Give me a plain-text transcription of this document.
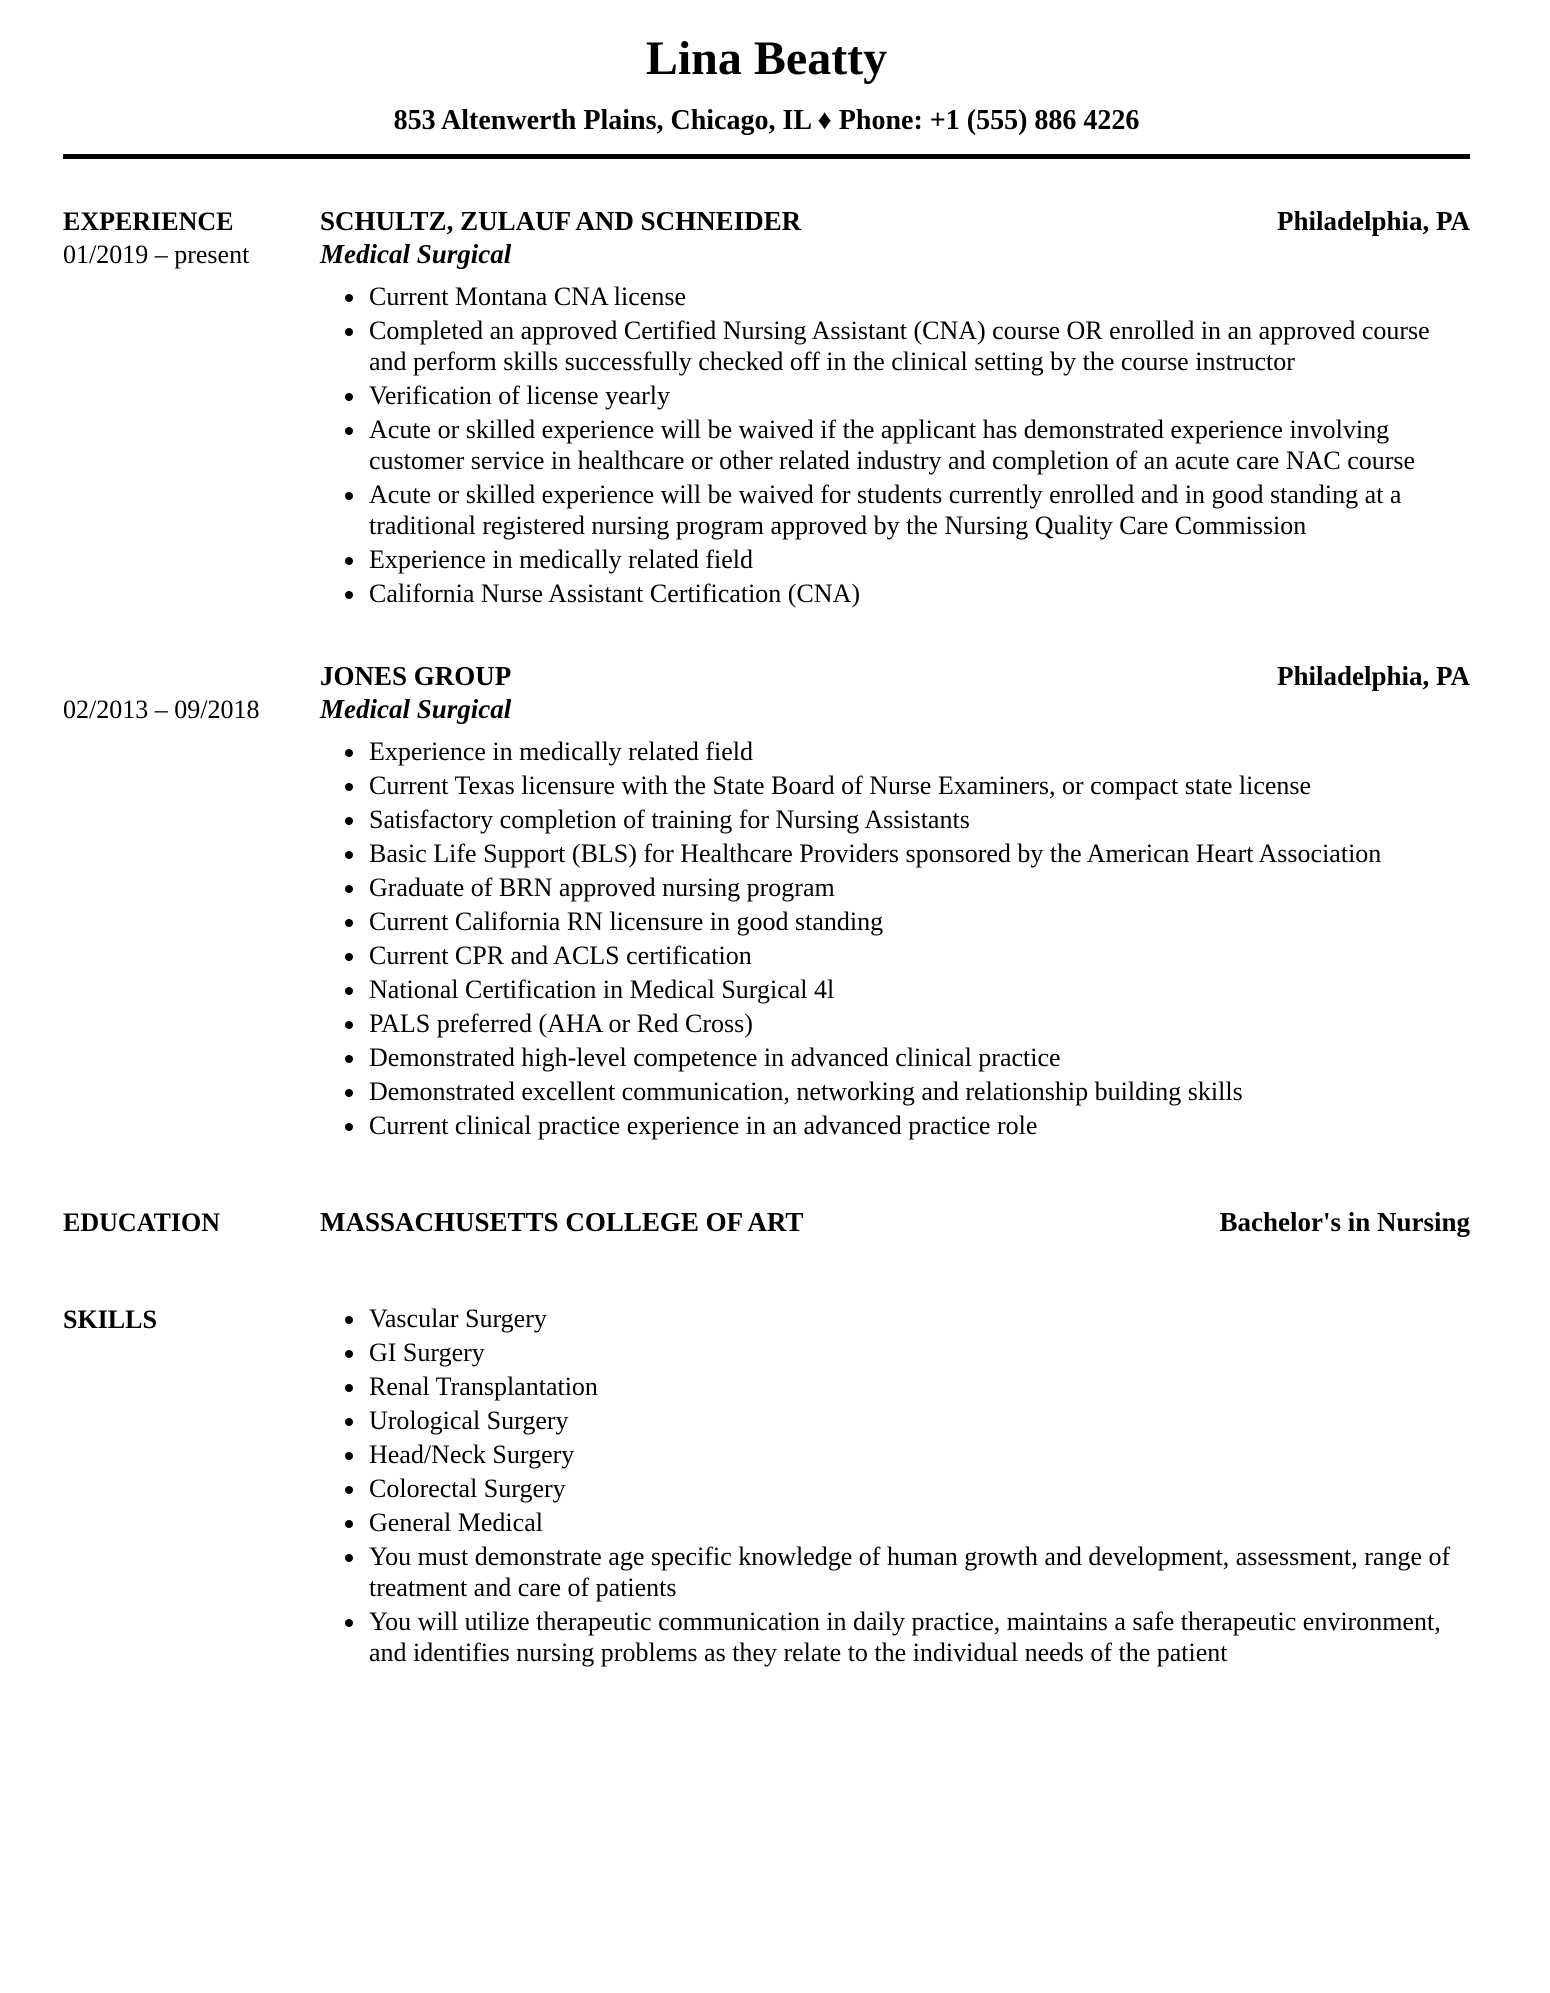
Lina Beatty
853 Altenwerth Plains, Chicago, IL ♦ Phone: +1 (555) 886 4226
EXPERIENCE
01/2019 – present
SCHULTZ, ZULAUF AND SCHNEIDER	Philadelphia, PA
Medical Surgical
• Current Montana CNA license
• Completed an approved Certified Nursing Assistant (CNA) course OR enrolled in an approved course and perform skills successfully checked off in the clinical setting by the course instructor
• Verification of license yearly
• Acute or skilled experience will be waived if the applicant has demonstrated experience involving customer service in healthcare or other related industry and completion of an acute care NAC course
• Acute or skilled experience will be waived for students currently enrolled and in good standing at a traditional registered nursing program approved by the Nursing Quality Care Commission
• Experience in medically related field
• California Nurse Assistant Certification (CNA)
02/2013 – 09/2018
JONES GROUP	Philadelphia, PA
Medical Surgical
• Experience in medically related field
• Current Texas licensure with the State Board of Nurse Examiners, or compact state license
• Satisfactory completion of training for Nursing Assistants
• Basic Life Support (BLS) for Healthcare Providers sponsored by the American Heart Association
• Graduate of BRN approved nursing program
• Current California RN licensure in good standing
• Current CPR and ACLS certification
• National Certification in Medical Surgical 4l
• PALS preferred (AHA or Red Cross)
• Demonstrated high-level competence in advanced clinical practice
• Demonstrated excellent communication, networking and relationship building skills
• Current clinical practice experience in an advanced practice role
EDUCATION	MASSACHUSETTS COLLEGE OF ART	Bachelor's in Nursing
SKILLS	• Vascular Surgery
• GI Surgery
• Renal Transplantation
• Urological Surgery
• Head/Neck Surgery
• Colorectal Surgery
• General Medical
• You must demonstrate age specific knowledge of human growth and development, assessment, range of treatment and care of patients
• You will utilize therapeutic communication in daily practice, maintains a safe therapeutic environment, and identifies nursing problems as they relate to the individual needs of the patient
